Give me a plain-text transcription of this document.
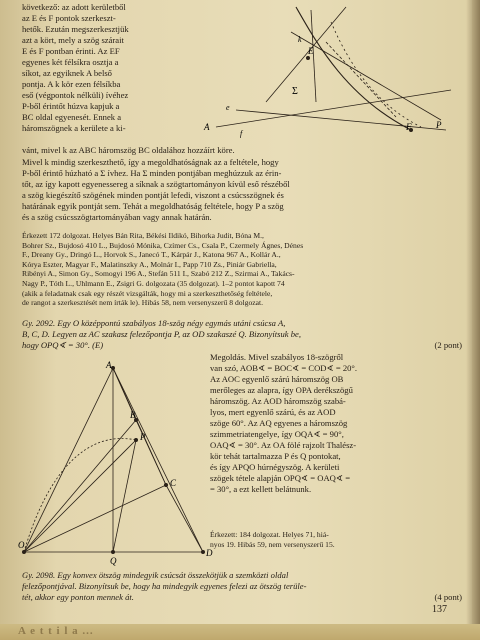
következő: az adott kerületből
az E és F pontok szerkeszt-
hetők. Ezután megszerkesztjük
azt a kört, mely a szög szárait
E és F pontban érinti. Az EF
egyenes két félsíkra osztja a
síkot, az egyiknek A belső
pontja. A k kör ezen félsíkba
eső (végpontok nélküli) ívéhez
P-ből érintőt húzva kapjuk a
BC oldal egyenesét. Ennek a
háromszögnek a kerülete a ki-
vánt, mivel k az ABC háromszög BC oldalához hozzáírt köre.
E
F
A	P
Σ
e
f
k
Mivel k mindig szerkeszthető, így a megoldhatóságnak az a feltétele, hogy
P-ből érintő húzható a Σ ívhez. Ha Σ minden pontjában meghúzzuk az érin-
tőt, az így kapott egyenessereg a síknak a szögtartományon kívül eső részéből
a szög kiegészítő szögének minden pontját lefedi, viszont a csúcsszögnek és
határának egyik pontját sem. Tehát a megoldhatóság feltétele, hogy P a szög
és a szög csúcsszögtartományában vagy annak határán.
Érkezett 172 dolgozat. Helyes Bán Rita, Békési Ildikó, Bihorka Judit, Bóna M.,
Bohrer Sz., Bujdosó 410 L., Bujdosó Mónika, Czímer Cs., Csala P., Czermely Ágnes, Dénes
F., Dreany Gy., Dringó L., Horvok S., Janecó T., Kárpár J., Katona 967 A., Kollár A.,
Kórya Eszter, Magyar F., Malatinszky A., Molnár I., Papp 710 Zs., Piniár Gabriella,
Ribényi A., Simon Gy., Somogyi 196 A., Stefán 511 I., Szabó 212 Z., Szirmai A., Takács-
Nagy P., Tóth L., Uhlmann E., Zsigri G. dolgozata (35 dolgozat). 1–2 pontot kapott 74
(akik a feladatnak csak egy részét vizsgálták, hogy mi a szerkeszthetőség feltétele,
de rangot a szerkesztését nem írták le). Hibás 58, nem versenyszerű 8 dolgozat.
Gy. 2092. Egy O középpontú szabályos 18-szög négy egymás utáni csúcsa A,
B, C, D. Legyen az AC szakasz felezőpontja P, az OD szakaszé Q. Bizonyítsuk be,
hogy OPQ∢ = 30°. (E)	(2 pont)
A
B
C
D
O
P
Q
Megoldás. Mivel szabályos 18-szögről
van szó, AOB∢ = BOC∢ = COD∢ = 20°.
Az AOC egyenlő szárú háromszög OB
merőleges az alapra, így OPA derékszögű
háromszög. Az AOD háromszög szabá-
lyos, mert egyenlő szárú, és az AOD
szöge 60°. Az AQ egyenes a háromszög
szimmetriatengelye, így OQA∢ = 90°,
OAQ∢ = 30°. Az OA fölé rajzolt Thalész-
kör tehát tartalmazza P és Q pontokat,
és így APQO húrnégyszög. A kerületi
szögek tétele alapján OPQ∢ = OAQ∢ =
= 30°, a ezt kellett belátnunk.
Érkezett: 184 dolgozat. Helyes 71, hiá-
nyos 19. Hibás 59, nem versenyszerű 15.
Gy. 2098. Egy konvex ötszög mindegyik csúcsát összekötjük a szemközti oldal
felezőpontjával. Bizonyítsuk be, hogy ha mindegyik egyenes felezi az ötszög terüle-
tét, akkor egy ponton mennek át.	(4 pont)
137
A e t t i l a ...
